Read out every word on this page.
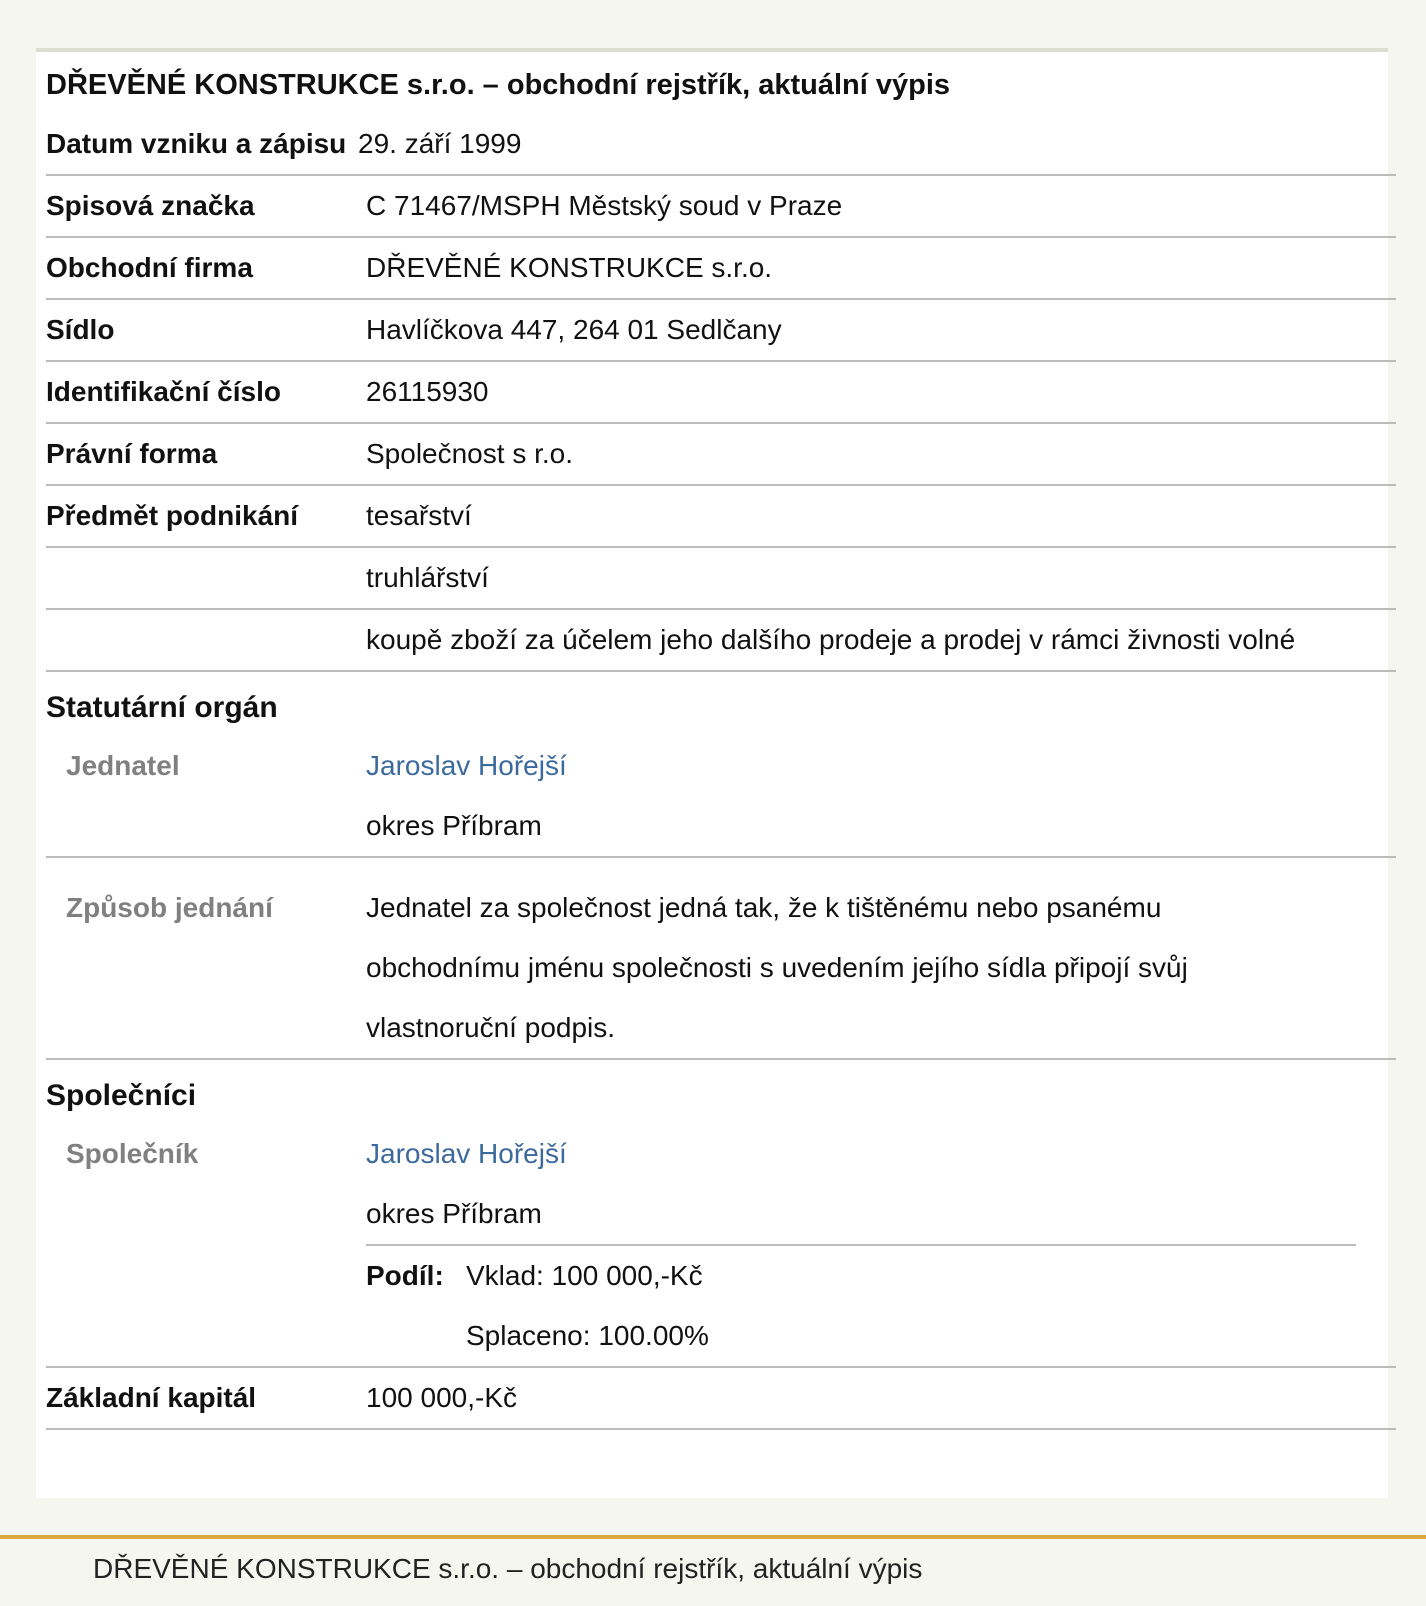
DŘEVĚNÉ KONSTRUKCE s.r.o. – obchodní rejstřík, aktuální výpis
Datum vzniku a zápisu 29. září 1999
Spisová značka	C 71467/MSPH Městský soud v Praze
Obchodní firma	DŘEVĚNÉ KONSTRUKCE s.r.o.
Sídlo	Havlíčkova 447, 264 01 Sedlčany
Identifikační číslo	26115930
Právní forma	Společnost s r.o.
Předmět podnikání	tesařství
truhlářství
koupě zboží za účelem jeho dalšího prodeje a prodej v rámci živnosti volné
Statutární orgán
Jednatel	Jaroslav Hořejší
okres Příbram
Způsob jednání	Jednatel za společnost jedná tak, že k tištěnému nebo psanému
obchodnímu jménu společnosti s uvedením jejího sídla připojí svůj
vlastnoruční podpis.
Společníci
Společník	Jaroslav Hořejší
okres Příbram
Podíl: Vklad: 100 000,-Kč
Splaceno: 100.00%
Základní kapitál	100 000,-Kč
DŘEVĚNÉ KONSTRUKCE s.r.o. – obchodní rejstřík, aktuální výpis
